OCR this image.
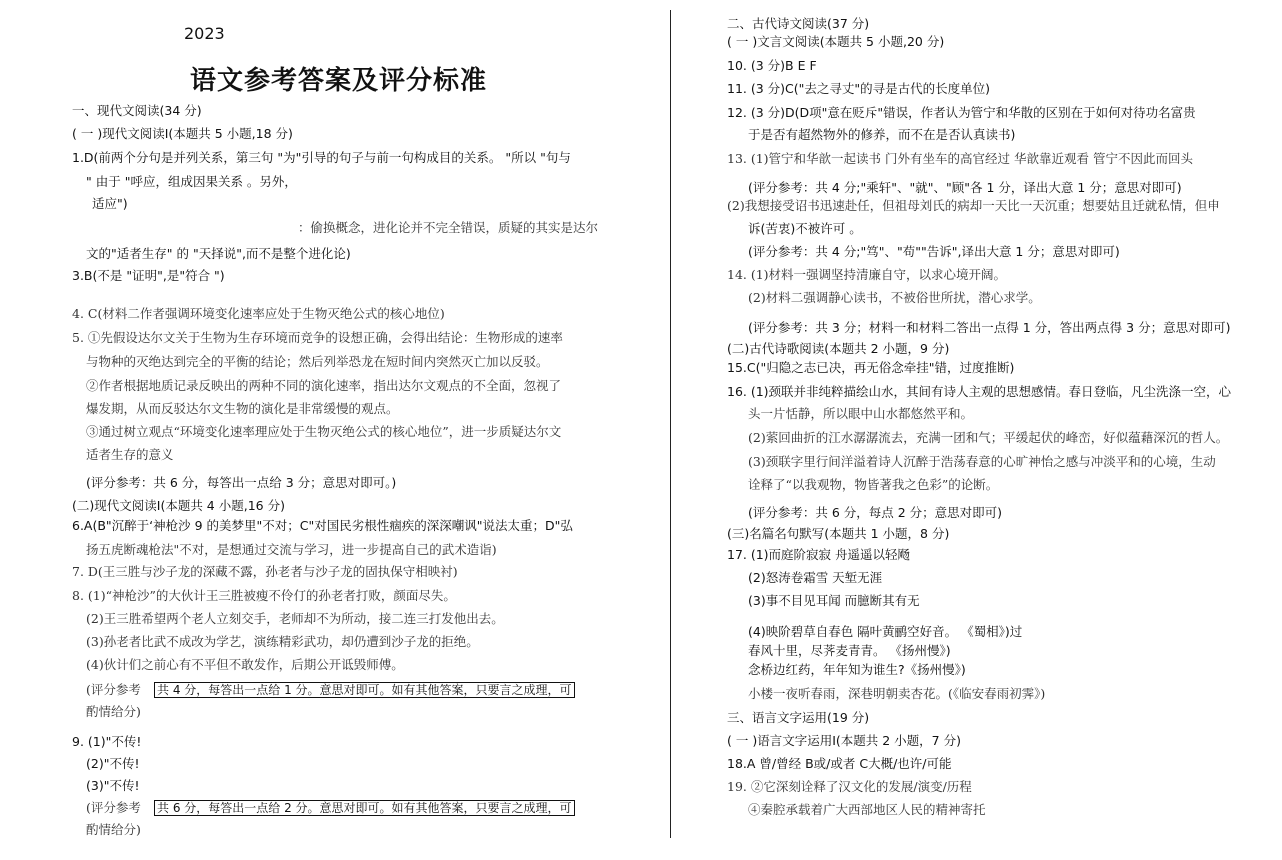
2023
语文参考答案及评分标准
一、现代文阅读(34 分)
( 一 )现代文阅读Ⅰ(本题共 5 小题,18 分)
1.D(前两个分句是并列关系，第三句 "为"引导的句子与前一句构成目的关系。 "所以 "句与
" 由于 "呼应，组成因果关系 。另外，
适应")
：偷换概念，进化论并不完全错误，质疑的其实是达尔
文的"适者生存" 的 "天择说",而不是整个进化论)
3.B(不是 "证明",是"符合 ")
4. C(材料二作者强调环境变化速率应处于生物灭绝公式的核心地位)
5. ①先假设达尔文关于生物为生存环境而竞争的设想正确，会得出结论：生物形成的速率
与物种的灭绝达到完全的平衡的结论；然后列举恐龙在短时间内突然灭亡加以反驳。
②作者根据地质记录反映出的两种不同的演化速率，指出达尔文观点的不全面，忽视了
爆发期，从而反驳达尔文生物的演化是非常缓慢的观点。
③通过树立观点“环境变化速率理应处于生物灭绝公式的核心地位”，进一步质疑达尔文
适者生存的意义
(评分参考：共 6 分，每答出一点给 3 分；意思对即可。)
(二)现代文阅读Ⅰ(本题共 4 小题,16 分)
6.A(B"沉醉于‘神枪沙 9 的美梦里"不对；C"对国民劣根性痼疾的深深嘲讽"说法太重；D"弘
扬五虎断魂枪法"不对，是想通过交流与学习，进一步提高自己的武术造诣)
7. D(王三胜与沙子龙的深藏不露，孙老者与沙子龙的固执保守相映衬)
8. (1)“神枪沙”的大伙计王三胜被瘦不伶仃的孙老者打败，颜面尽失。
(2)王三胜希望两个老人立刻交手，老师却不为所动，接二连三打发他出去。
(3)孙老者比武不成改为学艺，演练精彩武功，却仍遭到沙子龙的拒绝。
(4)伙计们之前心有不平但不敢发作，后期公开诋毁师傅。
(评分参考 共 4 分，每答出一点给 1 分。意思对即可。如有其他答案，只要言之成理，可
酌情给分)
9. (1)"不传!
(2)"不传!
(3)"不传!
(评分参考 共 6 分，每答出一点给 2 分。意思对即可。如有其他答案，只要言之成理，可
酌情给分)
二、古代诗文阅读(37 分)
( 一 )文言文阅读(本题共 5 小题,20 分)
10. (3 分)B E F
11. (3 分)C("去之寻丈"的寻是古代的长度单位)
12. (3 分)D(D项"意在贬斥"错误，作者认为管宁和华散的区别在于如何对待功名富贵
于是否有超然物外的修养，而不在是否认真读书)
13. (1)管宁和华歆一起读书 门外有坐车的高官经过 华歆靠近观看 管宁不因此而回头
(评分参考：共 4 分;"乘轩"、"就"、"顾"各 1 分，译出大意 1 分；意思对即可)
(2)我想接受诏书迅速赴任，但祖母刘氏的病却一天比一天沉重；想要姑且迁就私情，但申
诉(苦衷)不被许可 。
(评分参考：共 4 分;"笃"、"苟""告诉",译出大意 1 分；意思对即可)
14. (1)材料一强调坚持清廉自守，以求心境开阔。
(2)材料二强调静心读书，不被俗世所扰，潜心求学。
(评分参考：共 3 分；材料一和材料二答出一点得 1 分，答出两点得 3 分；意思对即可)
(二)古代诗歌阅读(本题共 2 小题，9 分)
15.C("归隐之志已决，再无俗念牵挂"错，过度推断)
16. (1)颈联并非纯粹描绘山水，其间有诗人主观的思想感情。春日登临，凡尘洗涤一空，心
头一片恬静，所以眼中山水都悠然平和。
(2)萦回曲折的江水潺潺流去，充满一团和气；平缓起伏的峰峦，好似蕴藉深沉的哲人。
(3)颈联字里行间洋溢着诗人沉醉于浩荡春意的心旷神怡之感与冲淡平和的心境，生动
诠释了“以我观物，物皆著我之色彩”的论断。
(评分参考：共 6 分，每点 2 分；意思对即可)
(三)名篇名句默写(本题共 1 小题，8 分)
17. (1)而庭阶寂寂 舟遥遥以轻飏
(2)怒涛卷霜雪 天堑无涯
(3)事不目见耳闻 而臆断其有无
(4)映阶碧草自春色 隔叶黄鹂空好音。 《蜀相》)过
春风十里，尽荠麦青青。 《扬州慢》)
念桥边红药，年年知为谁生?《扬州慢》)
小楼一夜听春雨，深巷明朝卖杏花。(《临安春雨初霁》)
三、语言文字运用(19 分)
( 一 )语言文字运用Ⅰ(本题共 2 小题，7 分)
18.A 曾/曾经 B或/或者 C大概/也许/可能
19. ②它深刻诠释了汉文化的发展/演变/历程
④秦腔承载着广大西部地区人民的精神寄托
